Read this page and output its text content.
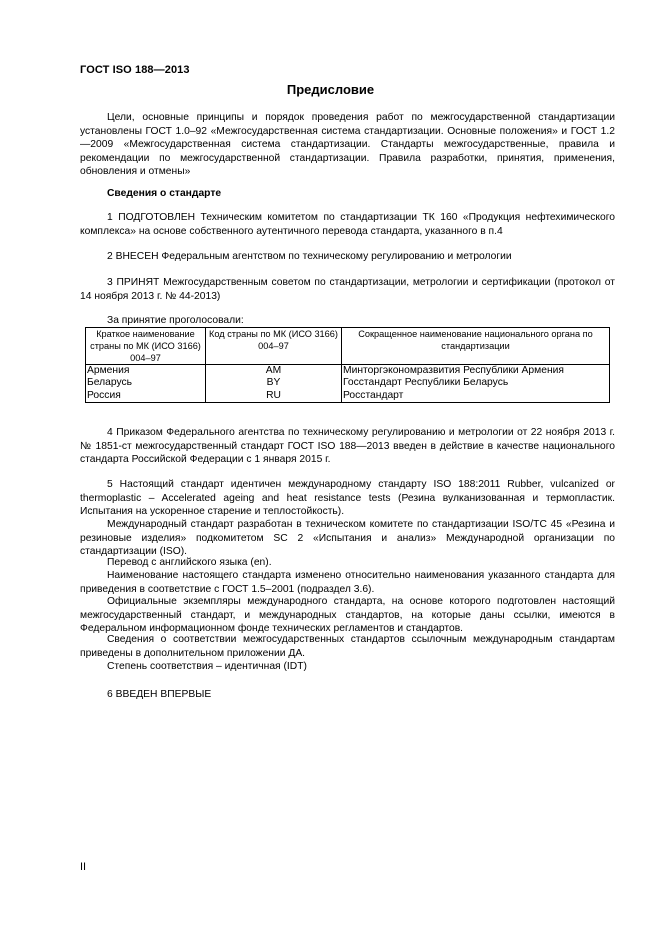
ГОСТ ISO 188—2013
Предисловие
Цели, основные принципы и порядок проведения работ по межгосударственной стандартизации установлены ГОСТ 1.0–92 «Межгосударственная система стандартизации. Основные положения» и ГОСТ 1.2—2009 «Межгосударственная система стандартизации. Стандарты межгосударственные, правила и рекомендации по межгосударственной стандартизации. Правила разработки, принятия, применения, обновления и отмены»
Сведения о стандарте
1 ПОДГОТОВЛЕН Техническим комитетом по стандартизации ТК 160 «Продукция нефтехимического комплекса» на основе собственного аутентичного перевода стандарта, указанного в п.4
2 ВНЕСЕН Федеральным агентством по техническому регулированию и метрологии
3 ПРИНЯТ Межгосударственным советом по стандартизации, метрологии и сертификации (протокол от 14 ноября 2013 г. № 44-2013)
За принятие проголосовали:
Краткое наименование страны по МК (ИСО 3166) 004–97	Код страны по МК (ИСО 3166) 004–97	Сокращенное наименование национального органа по стандартизации
Армения	AM	Минторгэкономразвития Республики Армения
Беларусь	BY	Госстандарт Республики Беларусь
Россия	RU	Росстандарт
4 Приказом Федерального агентства по техническому регулированию и метрологии от 22 ноября 2013 г. № 1851-ст межгосударственный стандарт ГОСТ ISO 188—2013 введен в действие в качестве национального стандарта Российской Федерации с 1 января 2015 г.
5 Настоящий стандарт идентичен международному стандарту ISO 188:2011 Rubber, vulcanized or thermoplastic – Accelerated ageing and heat resistance tests (Резина вулканизованная и термопластик. Испытания на ускоренное старение и теплостойкость).
Международный стандарт разработан в техническом комитете по стандартизации ISO/TC 45 «Резина и резиновые изделия» подкомитетом SC 2 «Испытания и анализ» Международной организации по стандартизации (ISO).
Перевод с английского языка (en).
Наименование настоящего стандарта изменено относительно наименования указанного стандарта для приведения в соответствие с ГОСТ 1.5–2001 (подраздел 3.6).
Официальные экземпляры международного стандарта, на основе которого подготовлен настоящий межгосударственный стандарт, и международных стандартов, на которые даны ссылки, имеются в Федеральном информационном фонде технических регламентов и стандартов.
Сведения о соответствии межгосударственных стандартов ссылочным международным стандартам приведены в дополнительном приложении ДА.
Степень соответствия – идентичная (IDT)
6 ВВЕДЕН ВПЕРВЫЕ
II
